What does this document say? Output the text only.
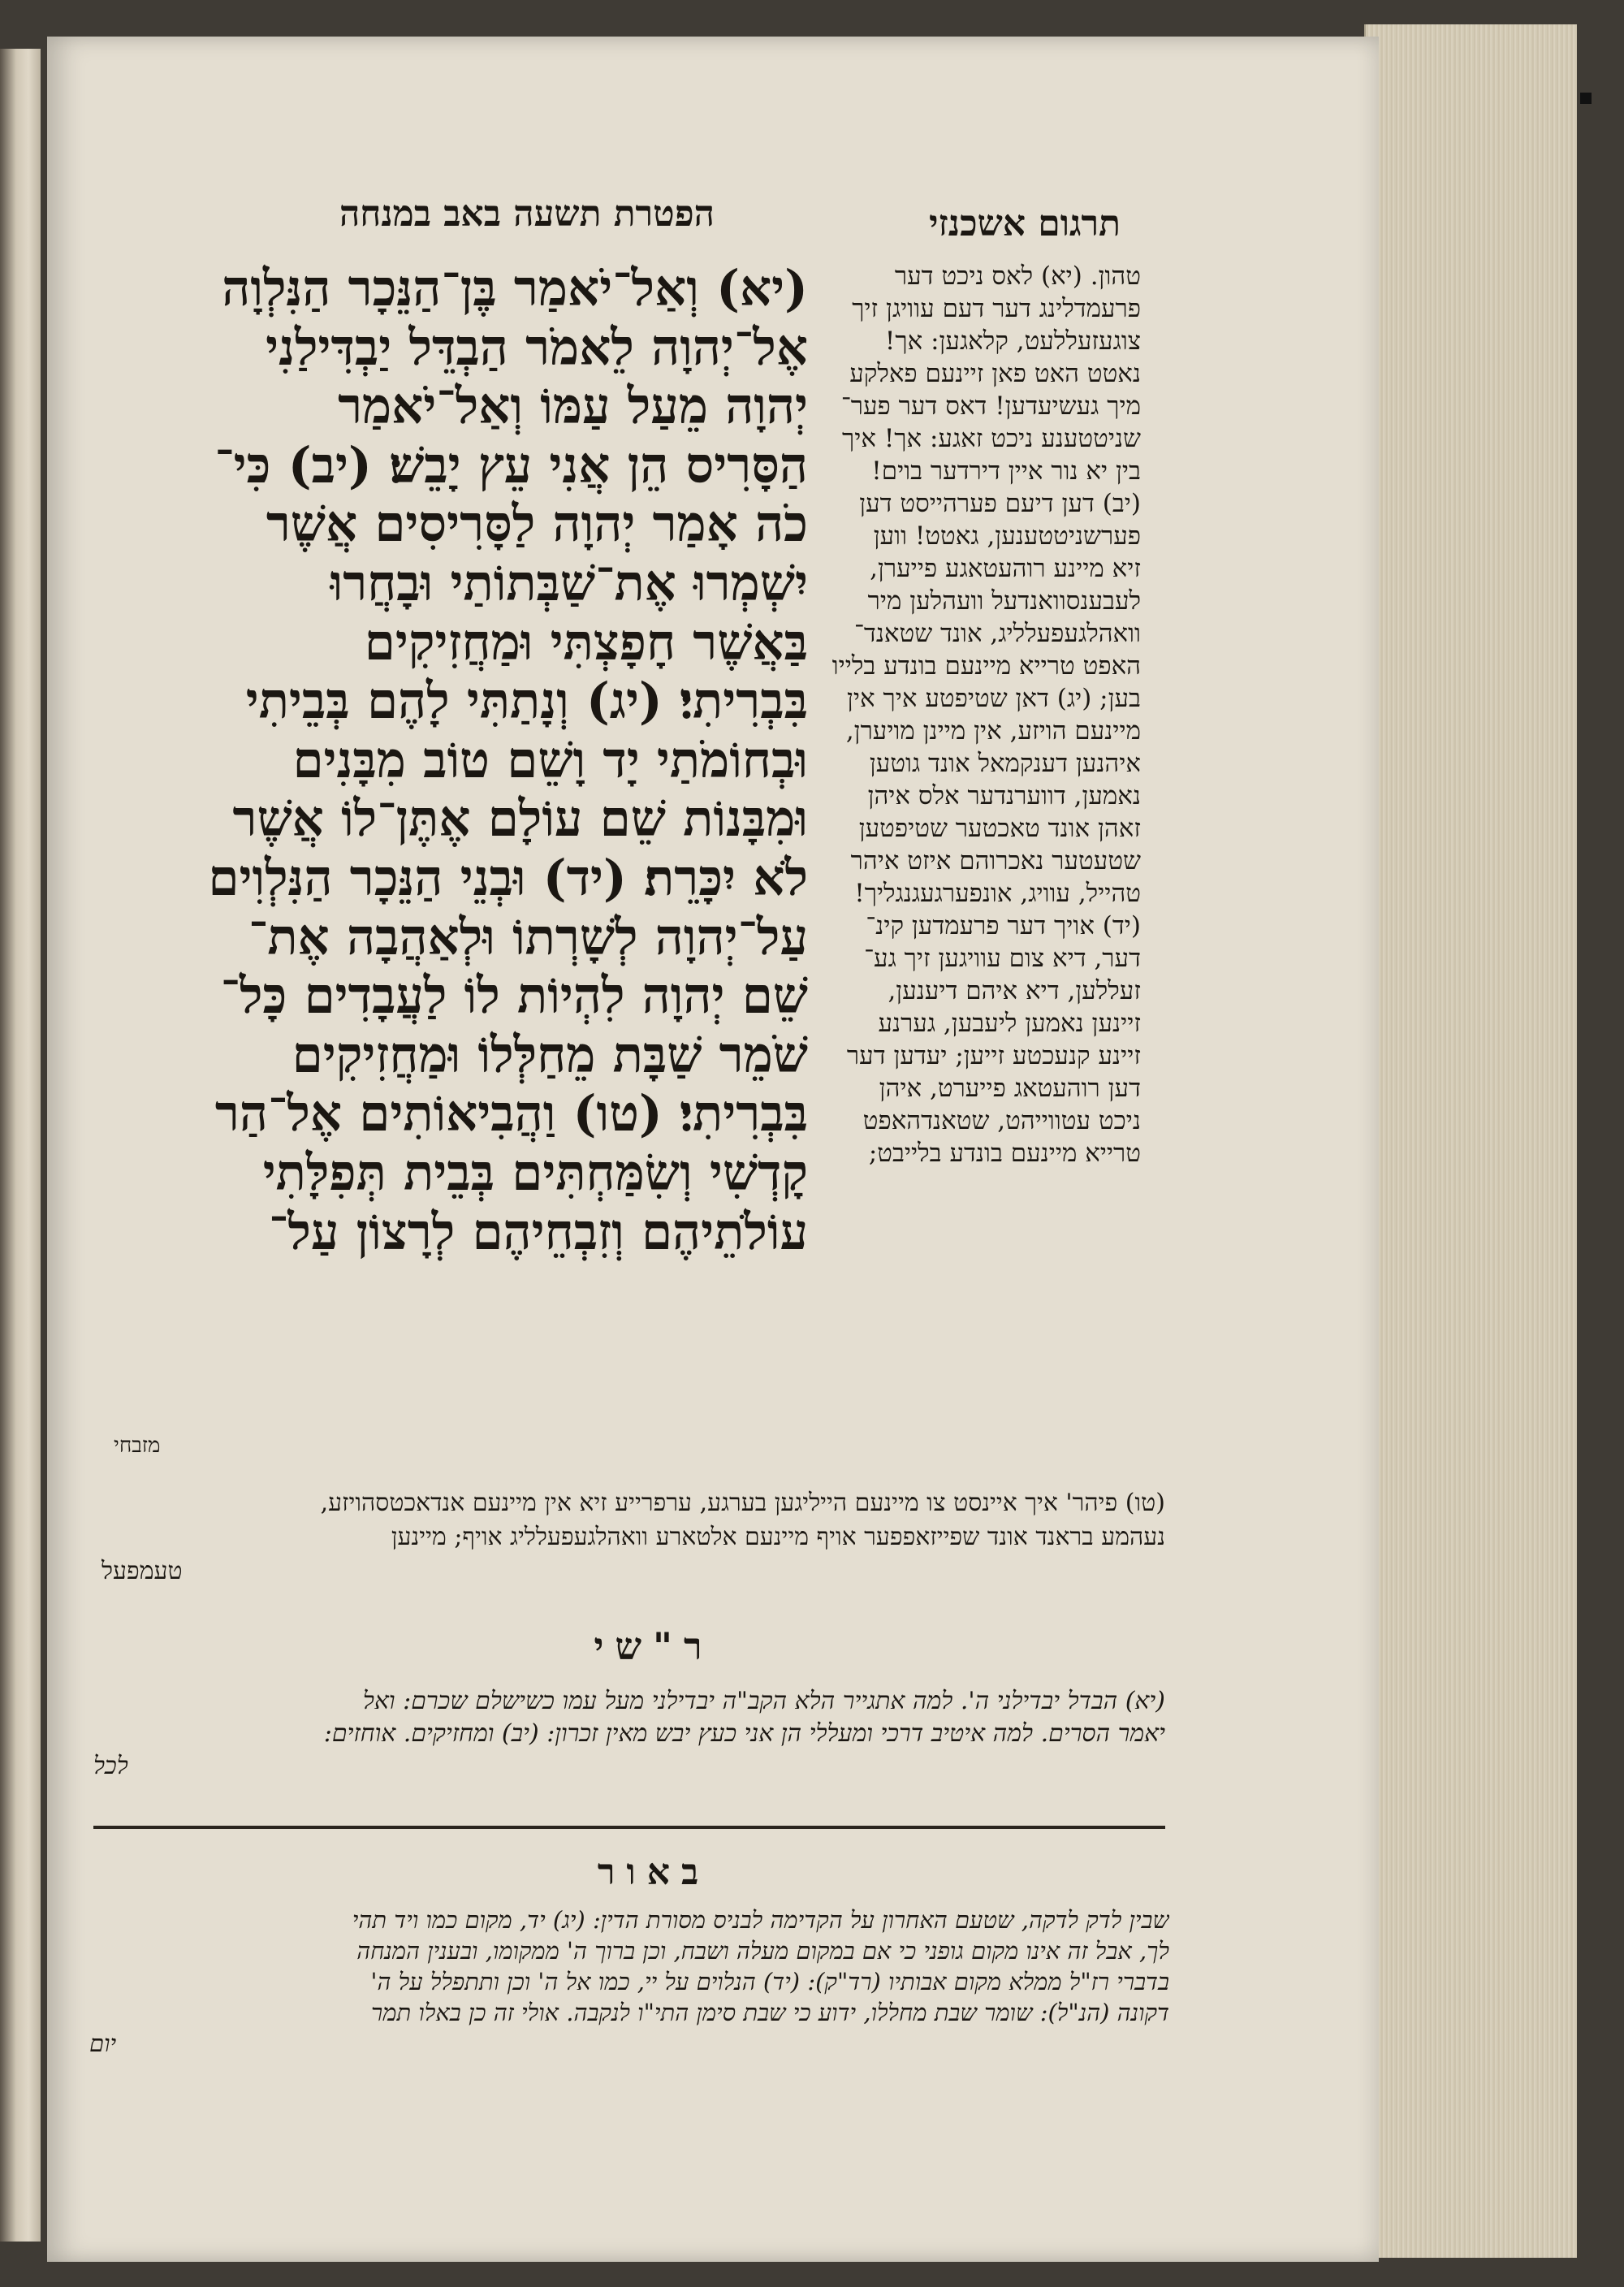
הפטרת תשעה באב במנחה	תרגום אשכנזי
(יא) וְאַל־יֹאמַר בֶּן־הַנֵּכָר הַנִּלְוָה
אֶל־יְהוָה לֵאמֹר הַבְדֵּל יַבְדִּילַנִי
יְהוָה מֵעַל עַמּוֹ וְאַל־יֹאמַר
הַסָּרִיס הֵן אֲנִי עֵץ יָבֵשׁ׃ (יב) כִּי־
כֹה אָמַר יְהוָה לַסָּרִיסִים אֲשֶׁר
יִשְׁמְרוּ אֶת־שַׁבְּתוֹתַי וּבָחֲרוּ
בַּאֲשֶׁר חָפָצְתִּי וּמַחֲזִיקִים
בִּבְרִיתִי׃ (יג) וְנָתַתִּי לָהֶם בְּבֵיתִי
וּבְחוֹמֹתַי יָד וָשֵׁם טוֹב מִבָּנִים
וּמִבָּנוֹת שֵׁם עוֹלָם אֶתֶּן־לוֹ אֲשֶׁר
לֹא יִכָּרֵת׃ (יד) וּבְנֵי הַנֵּכָר הַנִּלְוִים
עַל־יְהוָה לְשָׁרְתוֹ וּלְאַהֲבָה אֶת־
שֵׁם יְהוָה לִהְיוֹת לוֹ לַעֲבָדִים כָּל־
שֹׁמֵר שַׁבָּת מֵחַלְּלוֹ וּמַחֲזִיקִים
בִּבְרִיתִי׃ (טו) וַהֲבִיאוֹתִים אֶל־הַר
קָדְשִׁי וְשִׂמַּחְתִּים בְּבֵית תְּפִלָּתִי
עוֹלֹתֵיהֶם וְזִבְחֵיהֶם לְרָצוֹן עַל־
מזבחי
טהון. (יא) לאס ניכט דער
פרעמדלינג דער דעם עוויגן זיך
צוגעזעללעט, קלאגען: אך!
נאטט האט פאן זיינעם פאלקע
מיך געשיעדען! דאס דער פער־
שניטטענע ניכט זאגע: אך! איך
בין יא נור איין דירדער בוים!
(יב) דען דיעם פערהייסט דען
פערשניטטענען, גאטט! ווען
זיא מיינע רוהעטאגע פייערן,
לעבענסוואנדעל וועהלען מיר
וואהלגעפעלליג, אונד שטאנד־
האפט טרייא מיינעם בונדע בלייו
בען; (יג) דאן שטיפטע איך אין
מיינעם הויזע, אין מיינן מויערן,
איהנען דענקמאל אונד גוטען
נאמען, דווערנדער אלס איהן
זאהן אונד טאכטער שטיפטען
שטעטער נאכרוהם איזט איהר
טהייל, עוויג, אונפערגעגנגליך!
(יד) אויך דער פרעמדען קינ־
דער, דיא צום עוויגען זיך גע־
זעללען, דיא איהם דיענען,
זיינען נאמען ליעבען, גערנע
זיינע קנעכטע זייען; יעדען דער
דען רוהעטאג פייערט, איהן
ניכט עטווייהט, שטאנדהאפט
טרייא מיינעם בונדע בלייבט;
(טו) פיהר' איך איינסט צו מיינעם הייליגען בערגע, ערפרייע זיא אין מיינעם אנדאכטסהויזע,
נעהמע בראנד אונד שפייזאפפער אויף מיינעם אלטארע וואהלגעפעלליג אויף; מיינען
טעמפעל
ר"שי
(יא) הבדל יבדילני ה'. למה אתגייר הלא הקב"ה יבדילני מעל עמו כשישלם שכרם: ואל
יאמר הסרים. למה איטיב דרכי ומעללי הן אני כעץ יבש מאין זכרון: (יב) ומחזיקים. אוחזים:
לכל
באור
שבין לדק לדקה, שטעם האחרון על הקדימה לבניס מסורת הדין: (יג) יד, מקום כמו ויד תהי
לך, אבל זה אינו מקום גופני כי אם במקום מעלה ושבח, וכן ברוך ה' ממקומו, ובענין המנחה
בדברי רז"ל ממלא מקום אבותיו (רד"ק): (יד) הנלוים על יי, כמו אל ה' וכן ותתפלל על ה'
דקונה (הנ"ל): שומר שבת מחללו, ידוע כי שבת סימן התי"ו לנקבה. אולי זה כן באלו תמר
יום
